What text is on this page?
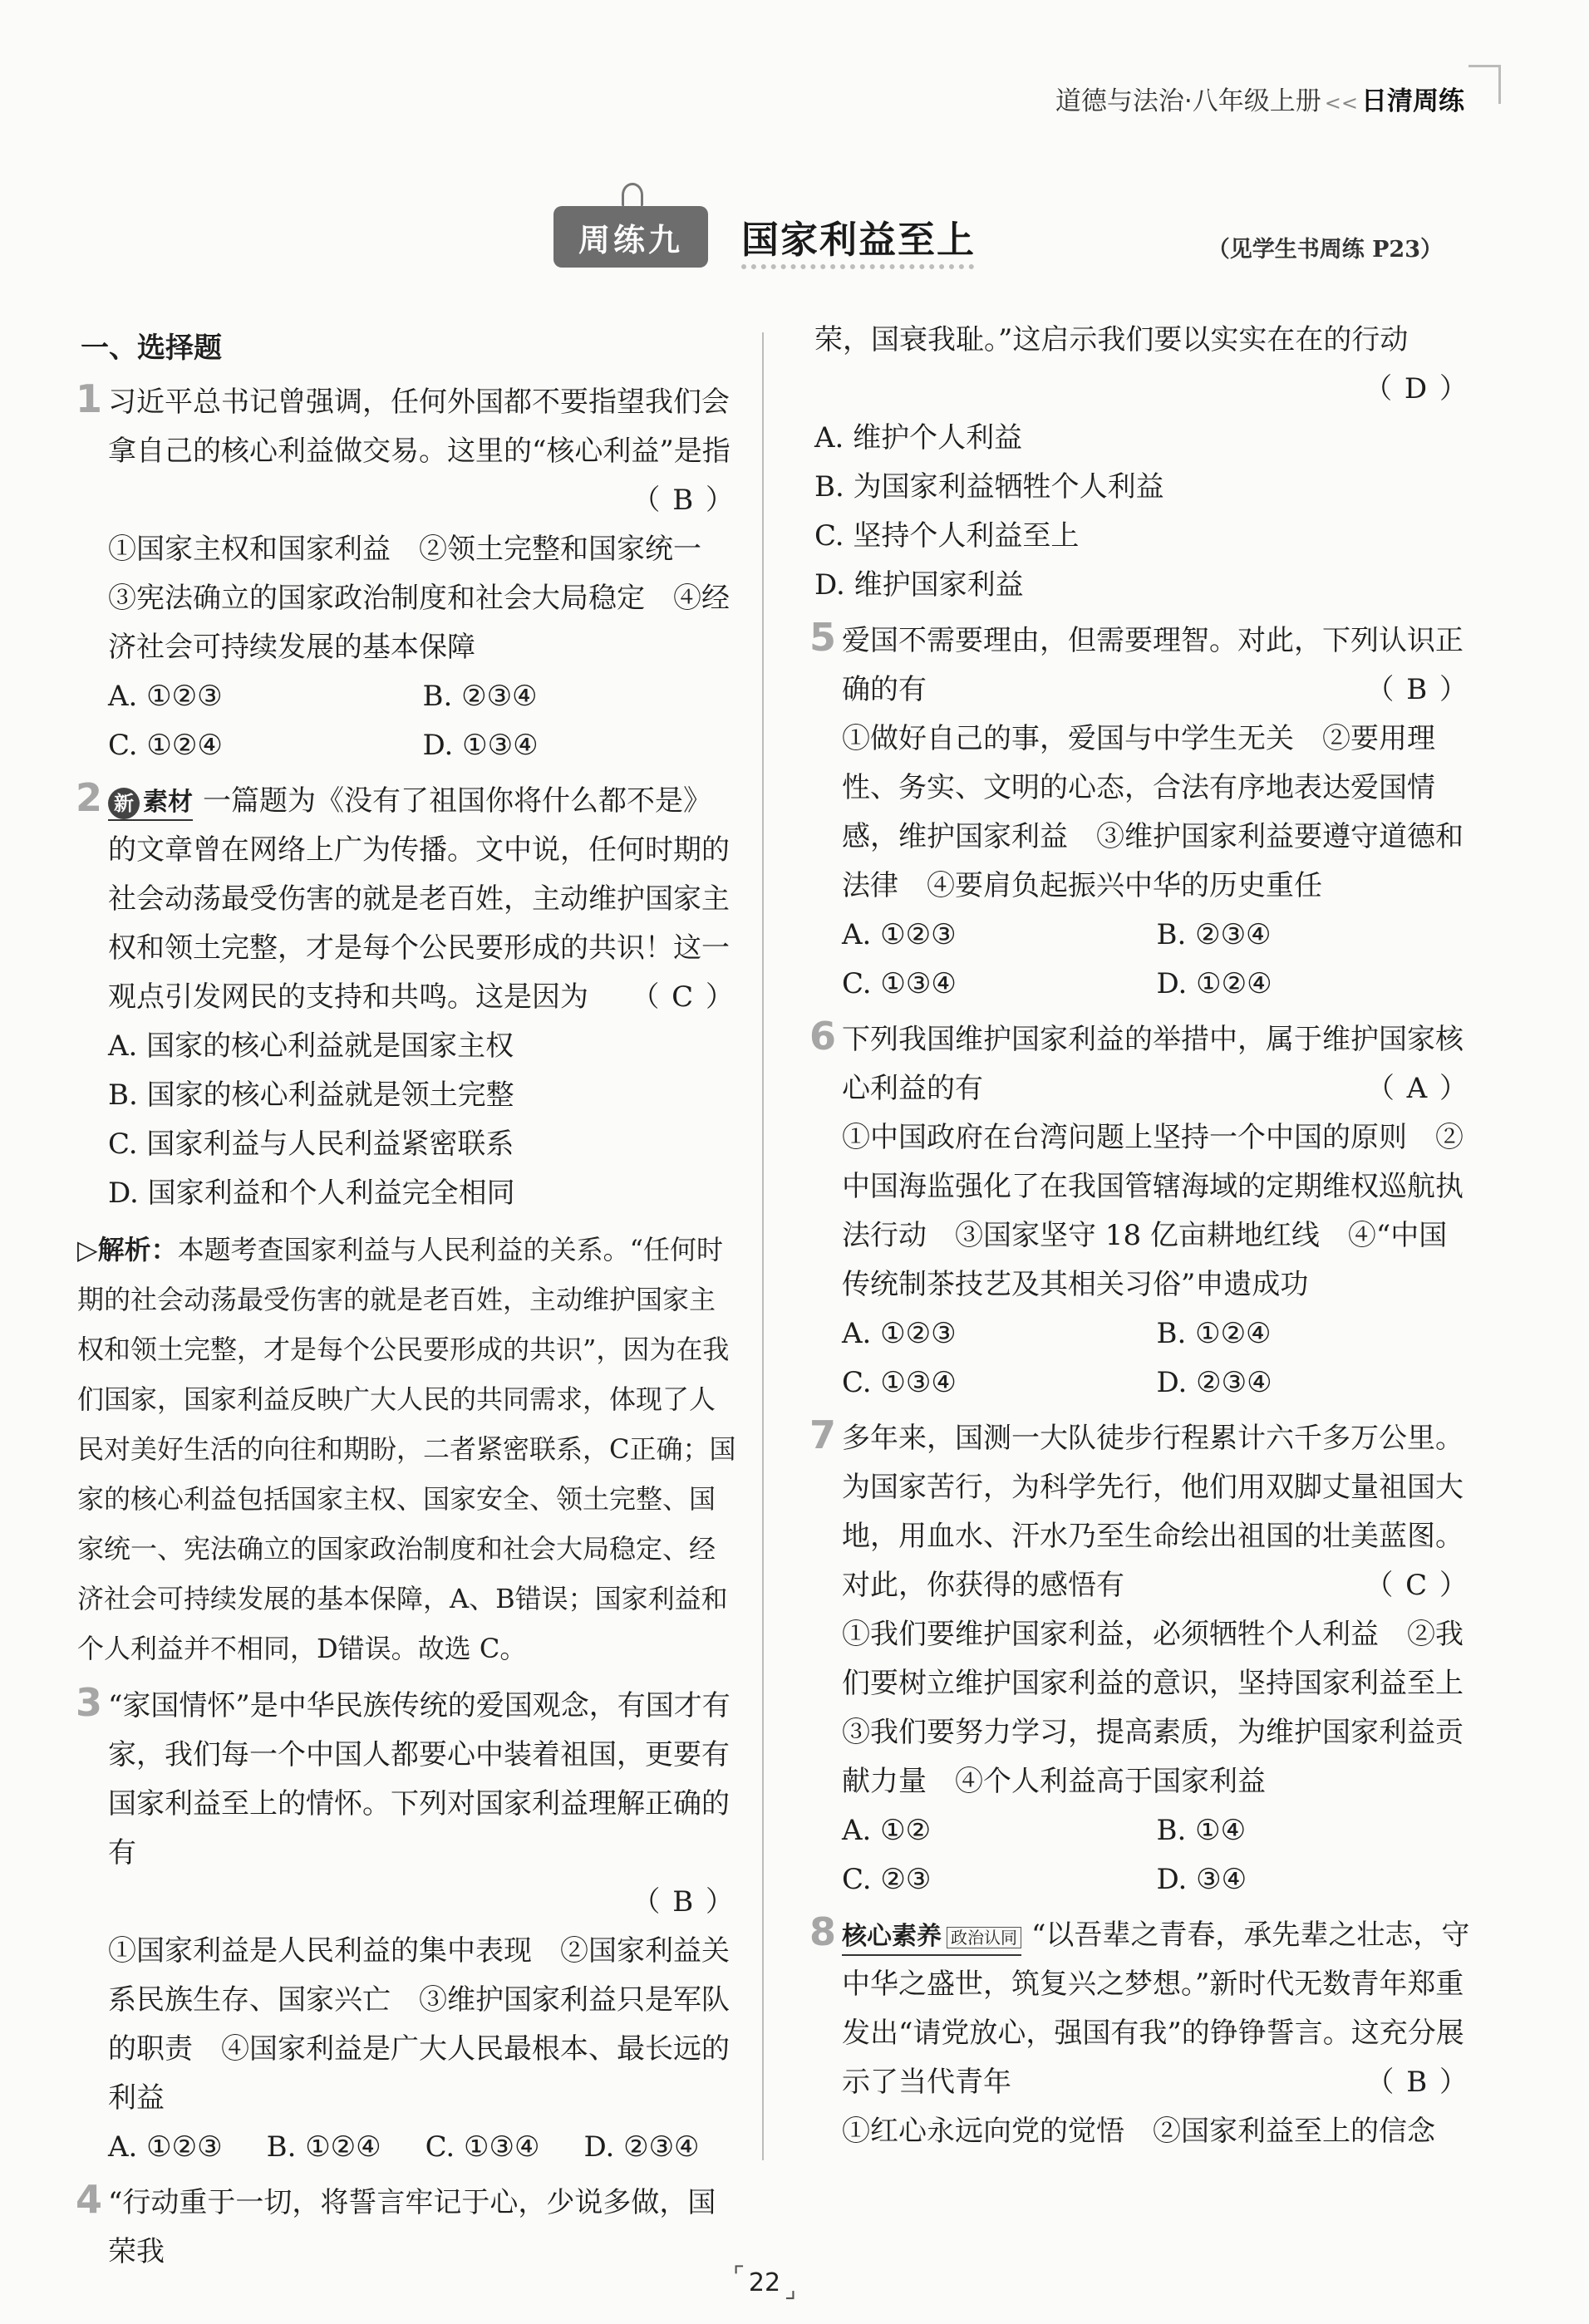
道德与法治·八年级上册 << 日清周练
周练九	国家利益至上	（见学生书周练 P23）
一、选择题
1 习近平总书记曾强调，任何外国都不要指望我们会拿自己的核心利益做交易。这里的“核心利益”是指
（ B ）
①国家主权和国家利益　②领土完整和国家统一　③宪法确立的国家政治制度和社会大局稳定　④经济社会可持续发展的基本保障
A. ①②③	B. ②③④
C. ①②④	D. ①③④
2 新 素材 一篇题为《没有了祖国你将什么都不是》的文章曾在网络上广为传播。文中说，任何时期的社会动荡最受伤害的就是老百姓，主动维护国家主权和领土完整，才是每个公民要形成的共识！这一观点引发网民的支持和共鸣。这是因为 （ C ）
A. 国家的核心利益就是国家主权
B. 国家的核心利益就是领土完整
C. 国家利益与人民利益紧密联系
D. 国家利益和个人利益完全相同
▷解析：本题考查国家利益与人民利益的关系。“任何时期的社会动荡最受伤害的就是老百姓，主动维护国家主权和领土完整，才是每个公民要形成的共识”，因为在我们国家，国家利益反映广大人民的共同需求，体现了人民对美好生活的向往和期盼，二者紧密联系，C正确；国家的核心利益包括国家主权、国家安全、领土完整、国家统一、宪法确立的国家政治制度和社会大局稳定、经济社会可持续发展的基本保障，A、B错误；国家利益和个人利益并不相同，D错误。故选 C。
3 “家国情怀”是中华民族传统的爱国观念，有国才有家，我们每一个中国人都要心中装着祖国，更要有国家利益至上的情怀。下列对国家利益理解正确的有
（ B ）
①国家利益是人民利益的集中表现　②国家利益关系民族生存、国家兴亡　③维护国家利益只是军队的职责　④国家利益是广大人民最根本、最长远的利益
A. ①②③ B. ①②④ C. ①③④ D. ②③④
4 “行动重于一切，将誓言牢记于心，少说多做，国荣我
荣，国衰我耻。”这启示我们要以实实在在的行动
（ D ）
A. 维护个人利益
B. 为国家利益牺牲个人利益
C. 坚持个人利益至上
D. 维护国家利益
5 爱国不需要理由，但需要理智。对此，下列认识正确的有	（ B ）
①做好自己的事，爱国与中学生无关　②要用理性、务实、文明的心态，合法有序地表达爱国情感，维护国家利益　③维护国家利益要遵守道德和法律　④要肩负起振兴中华的历史重任
A. ①②③	B. ②③④
C. ①③④	D. ①②④
6 下列我国维护国家利益的举措中，属于维护国家核心利益的有	（ A ）
①中国政府在台湾问题上坚持一个中国的原则　②中国海监强化了在我国管辖海域的定期维权巡航执法行动　③国家坚守 18 亿亩耕地红线　④“中国传统制茶技艺及其相关习俗”申遗成功
A. ①②③	B. ①②④
C. ①③④	D. ②③④
7 多年来，国测一大队徒步行程累计六千多万公里。为国家苦行，为科学先行，他们用双脚丈量祖国大地，用血水、汗水乃至生命绘出祖国的壮美蓝图。对此，你获得的感悟有	（ C ）
①我们要维护国家利益，必须牺牲个人利益　②我们要树立维护国家利益的意识，坚持国家利益至上　③我们要努力学习，提高素质，为维护国家利益贡献力量　④个人利益高于国家利益
A. ①②	B. ①④
C. ②③	D. ③④
8 核心素养 政治认同 “以吾辈之青春，承先辈之壮志，守中华之盛世，筑复兴之梦想。”新时代无数青年郑重发出“请党放心，强国有我”的铮铮誓言。这充分展示了当代青年	（ B ）
①红心永远向党的觉悟　②国家利益至上的信念
⌜ 22 ⌟
